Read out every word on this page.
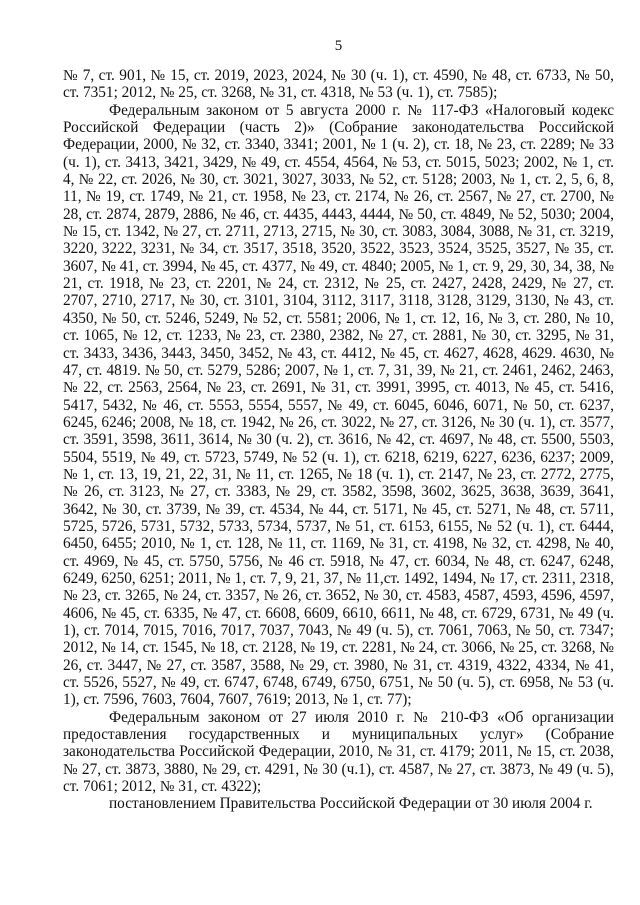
5

№ 7, ст. 901, № 15, ст. 2019, 2023, 2024, № 30 (ч. 1), ст. 4590, № 48, ст. 6733, № 50, ст. 7351; 2012, № 25, ст. 3268, № 31, ст. 4318, № 53 (ч. 1), ст. 7585);

Федеральным законом от 5 августа 2000 г. № 117-ФЗ «Налоговый кодекс Российской Федерации (часть 2)» (Собрание законодательства Российской Федерации, 2000, № 32, ст. 3340, 3341; 2001, № 1 (ч. 2), ст. 18, № 23, ст. 2289; № 33 (ч. 1), ст. 3413, 3421, 3429, № 49, ст. 4554, 4564, № 53, ст. 5015, 5023; 2002, № 1, ст. 4, № 22, ст. 2026, № 30, ст. 3021, 3027, 3033, № 52, ст. 5128; 2003, № 1, ст. 2, 5, 6, 8, 11, № 19, ст. 1749, № 21, ст. 1958, № 23, ст. 2174, № 26, ст. 2567, № 27, ст. 2700, № 28, ст. 2874, 2879, 2886, № 46, ст. 4435, 4443, 4444, № 50, ст. 4849, № 52, 5030; 2004, № 15, ст. 1342, № 27, ст. 2711, 2713, 2715, № 30, ст. 3083, 3084, 3088, № 31, ст. 3219, 3220, 3222, 3231, № 34, ст. 3517, 3518, 3520, 3522, 3523, 3524, 3525, 3527, № 35, ст. 3607, № 41, ст. 3994, № 45, ст. 4377, № 49, ст. 4840; 2005, № 1, ст. 9, 29, 30, 34, 38, № 21, ст. 1918, № 23, ст. 2201, № 24, ст. 2312, № 25, ст. 2427, 2428, 2429, № 27, ст. 2707, 2710, 2717, № 30, ст. 3101, 3104, 3112, 3117, 3118, 3128, 3129, 3130, № 43, ст. 4350, № 50, ст. 5246, 5249, № 52, ст. 5581; 2006, № 1, ст. 12, 16, № 3, ст. 280, № 10, ст. 1065, № 12, ст. 1233, № 23, ст. 2380, 2382, № 27, ст. 2881, № 30, ст. 3295, № 31, ст. 3433, 3436, 3443, 3450, 3452, № 43, ст. 4412, № 45, ст. 4627, 4628, 4629. 4630, № 47, ст. 4819. № 50, ст. 5279, 5286; 2007, № 1, ст. 7, 31, 39, № 21, ст. 2461, 2462, 2463, № 22, ст. 2563, 2564, № 23, ст. 2691, № 31, ст. 3991, 3995, ст. 4013, № 45, ст. 5416, 5417, 5432, № 46, ст. 5553, 5554, 5557, № 49, ст. 6045, 6046, 6071, № 50, ст. 6237, 6245, 6246; 2008, № 18, ст. 1942, № 26, ст. 3022, № 27, ст. 3126, № 30 (ч. 1), ст. 3577, ст. 3591, 3598, 3611, 3614, № 30 (ч. 2), ст. 3616, № 42, ст. 4697, № 48, ст. 5500, 5503, 5504, 5519, № 49, ст. 5723, 5749, № 52 (ч. 1), ст. 6218, 6219, 6227, 6236, 6237; 2009, № 1, ст. 13, 19, 21, 22, 31, № 11, ст. 1265, № 18 (ч. 1), ст. 2147, № 23, ст. 2772, 2775, № 26, ст. 3123, № 27, ст. 3383, № 29, ст. 3582, 3598, 3602, 3625, 3638, 3639, 3641, 3642, № 30, ст. 3739, № 39, ст. 4534, № 44, ст. 5171, № 45, ст. 5271, № 48, ст. 5711, 5725, 5726, 5731, 5732, 5733, 5734, 5737, № 51, ст. 6153, 6155, № 52 (ч. 1), ст. 6444, 6450, 6455; 2010, № 1, ст. 128, № 11, ст. 1169, № 31, ст. 4198, № 32, ст. 4298, № 40, ст. 4969, № 45, ст. 5750, 5756, № 46 ст. 5918, № 47, ст. 6034, № 48, ст. 6247, 6248, 6249, 6250, 6251; 2011, № 1, ст. 7, 9, 21, 37, № 11,ст. 1492, 1494, № 17, ст. 2311, 2318, № 23, ст. 3265, № 24, ст. 3357, № 26, ст. 3652, № 30, ст. 4583, 4587, 4593, 4596, 4597, 4606, № 45, ст. 6335, № 47, ст. 6608, 6609, 6610, 6611, № 48, ст. 6729, 6731, № 49 (ч. 1), ст. 7014, 7015, 7016, 7017, 7037, 7043, № 49 (ч. 5), ст. 7061, 7063, № 50, ст. 7347; 2012, № 14, ст. 1545, № 18, ст. 2128, № 19, ст. 2281, № 24, ст. 3066, № 25, ст. 3268, № 26, ст. 3447, № 27, ст. 3587, 3588, № 29, ст. 3980, № 31, ст. 4319, 4322, 4334, № 41, ст. 5526, 5527, № 49, ст. 6747, 6748, 6749, 6750, 6751, № 50 (ч. 5), ст. 6958, № 53 (ч. 1), ст. 7596, 7603, 7604, 7607, 7619; 2013, № 1, ст. 77);

Федеральным законом от 27 июля 2010 г. № 210-ФЗ «Об организации предоставления государственных и муниципальных услуг» (Собрание законодательства Российской Федерации, 2010, № 31, ст. 4179; 2011, № 15, ст. 2038, № 27, ст. 3873, 3880, № 29, ст. 4291, № 30 (ч.1), ст. 4587, № 27, ст. 3873, № 49 (ч. 5), ст. 7061; 2012, № 31, ст. 4322);

постановлением Правительства Российской Федерации от 30 июля 2004 г.
